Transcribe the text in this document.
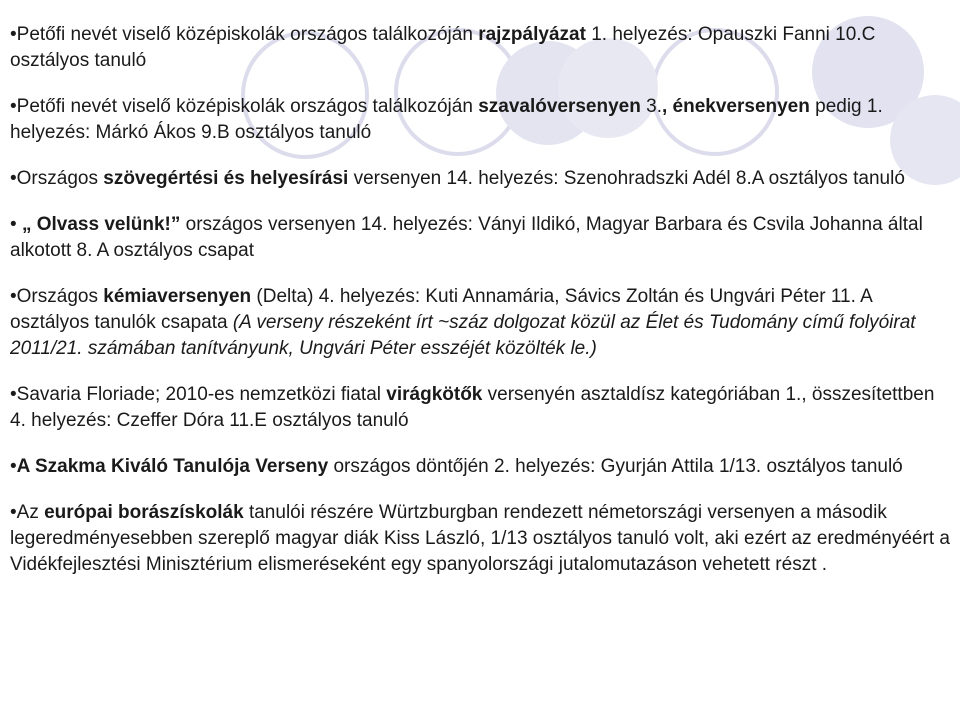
•Petőfi nevét viselő középiskolák országos találkozóján rajzpályázat 1. helyezés: Opauszki Fanni 10.C osztályos tanuló
•Petőfi nevét viselő középiskolák országos találkozóján szavalóversenyen 3., énekversenyen pedig 1. helyezés: Márkó Ákos 9.B osztályos tanuló
•Országos szövegértési és helyesírási versenyen 14. helyezés: Szenohradszki Adél 8.A osztályos tanuló
• „ Olvass velünk!” országos versenyen 14. helyezés: Ványi Ildikó, Magyar Barbara és Csvila Johanna által alkotott 8. A osztályos csapat
•Országos kémiaversenyen (Delta) 4. helyezés: Kuti Annamária, Sávics Zoltán és Ungvári Péter 11. A osztályos tanulók csapata (A verseny részeként írt ~száz dolgozat közül az Élet és Tudomány című folyóirat 2011/21. számában tanítványunk, Ungvári Péter esszéjét közölték le.)
•Savaria Floriade; 2010-es nemzetközi fiatal virágkötők versenyén asztaldísz kategóriában 1., összesítettben 4. helyezés: Czeffer Dóra 11.E osztályos tanuló
•A Szakma Kiváló Tanulója Verseny országos döntőjén 2. helyezés: Gyurján Attila 1/13. osztályos tanuló
•Az európai borászískolák tanulói részére Würtzburgban rendezett németországi versenyen a második legeredményesebben szereplő magyar diák Kiss László, 1/13 osztályos tanuló volt, aki ezért az eredményéért a Vidékfejlesztési Minisztérium elismeréseként egy spanyolországi jutalomutazáson vehetett részt .
